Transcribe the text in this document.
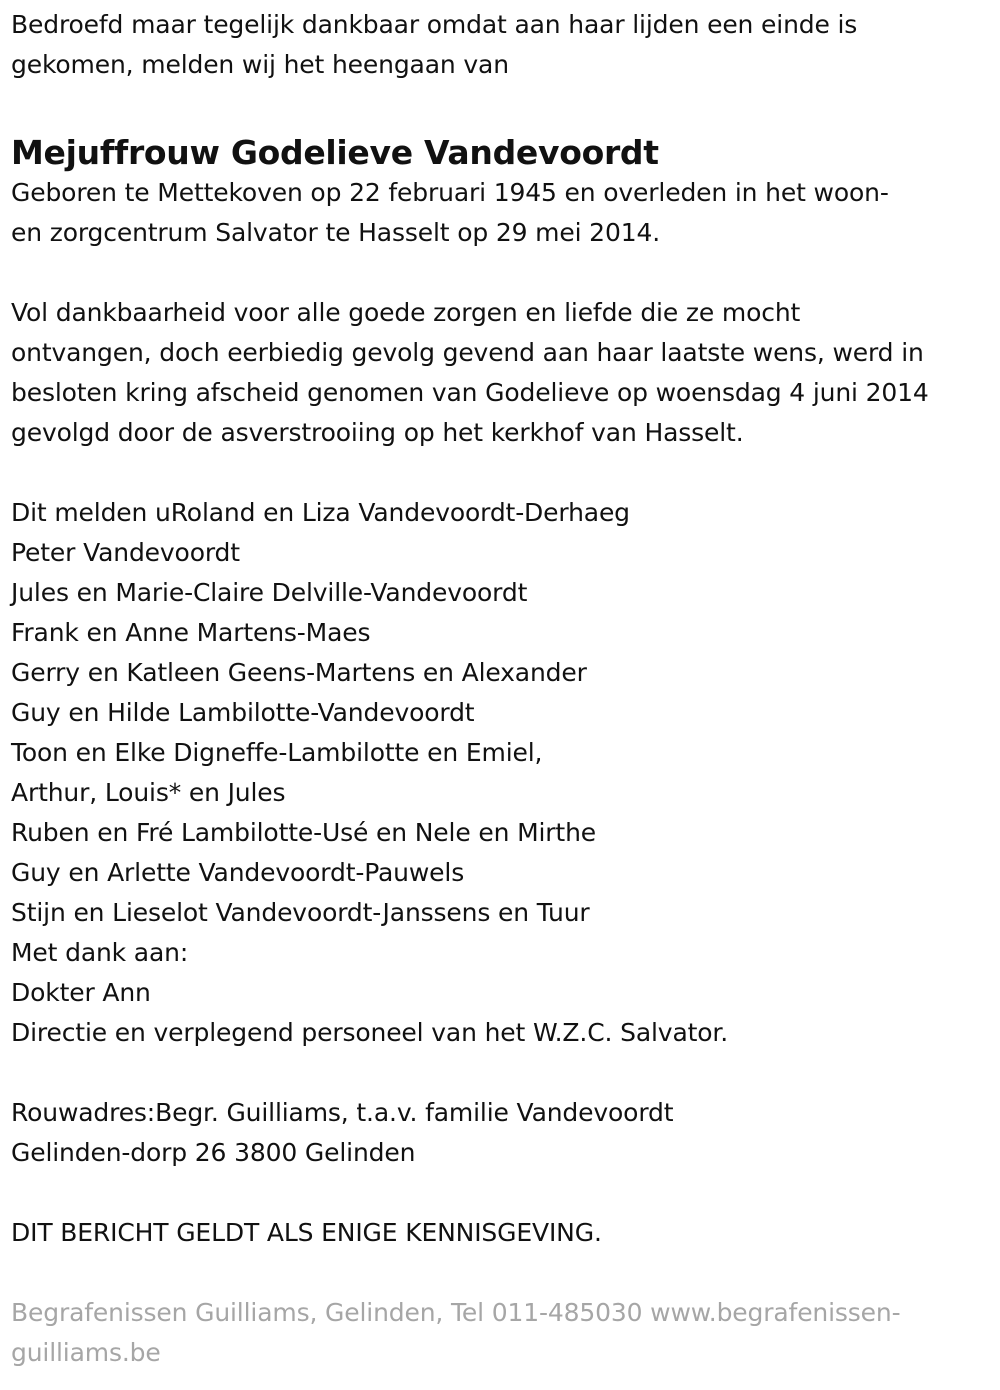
Bedroefd maar tegelijk dankbaar omdat aan haar lijden een einde is
gekomen, melden wij het heengaan van
Mejuffrouw Godelieve Vandevoordt
Geboren te Mettekoven op 22 februari 1945 en overleden in het woon-
en zorgcentrum Salvator te Hasselt op 29 mei 2014.
Vol dankbaarheid voor alle goede zorgen en liefde die ze mocht
ontvangen, doch eerbiedig gevolg gevend aan haar laatste wens, werd in
besloten kring afscheid genomen van Godelieve op woensdag 4 juni 2014
gevolgd door de asverstrooiing op het kerkhof van Hasselt.
Dit melden uRoland en Liza Vandevoordt-Derhaeg
Peter Vandevoordt
Jules en Marie-Claire Delville-Vandevoordt
Frank en Anne Martens-Maes
Gerry en Katleen Geens-Martens en Alexander
Guy en Hilde Lambilotte-Vandevoordt
Toon en Elke Digneffe-Lambilotte en Emiel,
Arthur, Louis* en Jules
Ruben en Fré Lambilotte-Usé en Nele en Mirthe
Guy en Arlette Vandevoordt-Pauwels
Stijn en Lieselot Vandevoordt-Janssens en Tuur
Met dank aan:
Dokter Ann
Directie en verplegend personeel van het W.Z.C. Salvator.
Rouwadres:Begr. Guilliams, t.a.v. familie Vandevoordt
Gelinden-dorp 26 3800 Gelinden
DIT BERICHT GELDT ALS ENIGE KENNISGEVING.
Begrafenissen Guilliams, Gelinden, Tel 011-485030 www.begrafenissen-
guilliams.be
